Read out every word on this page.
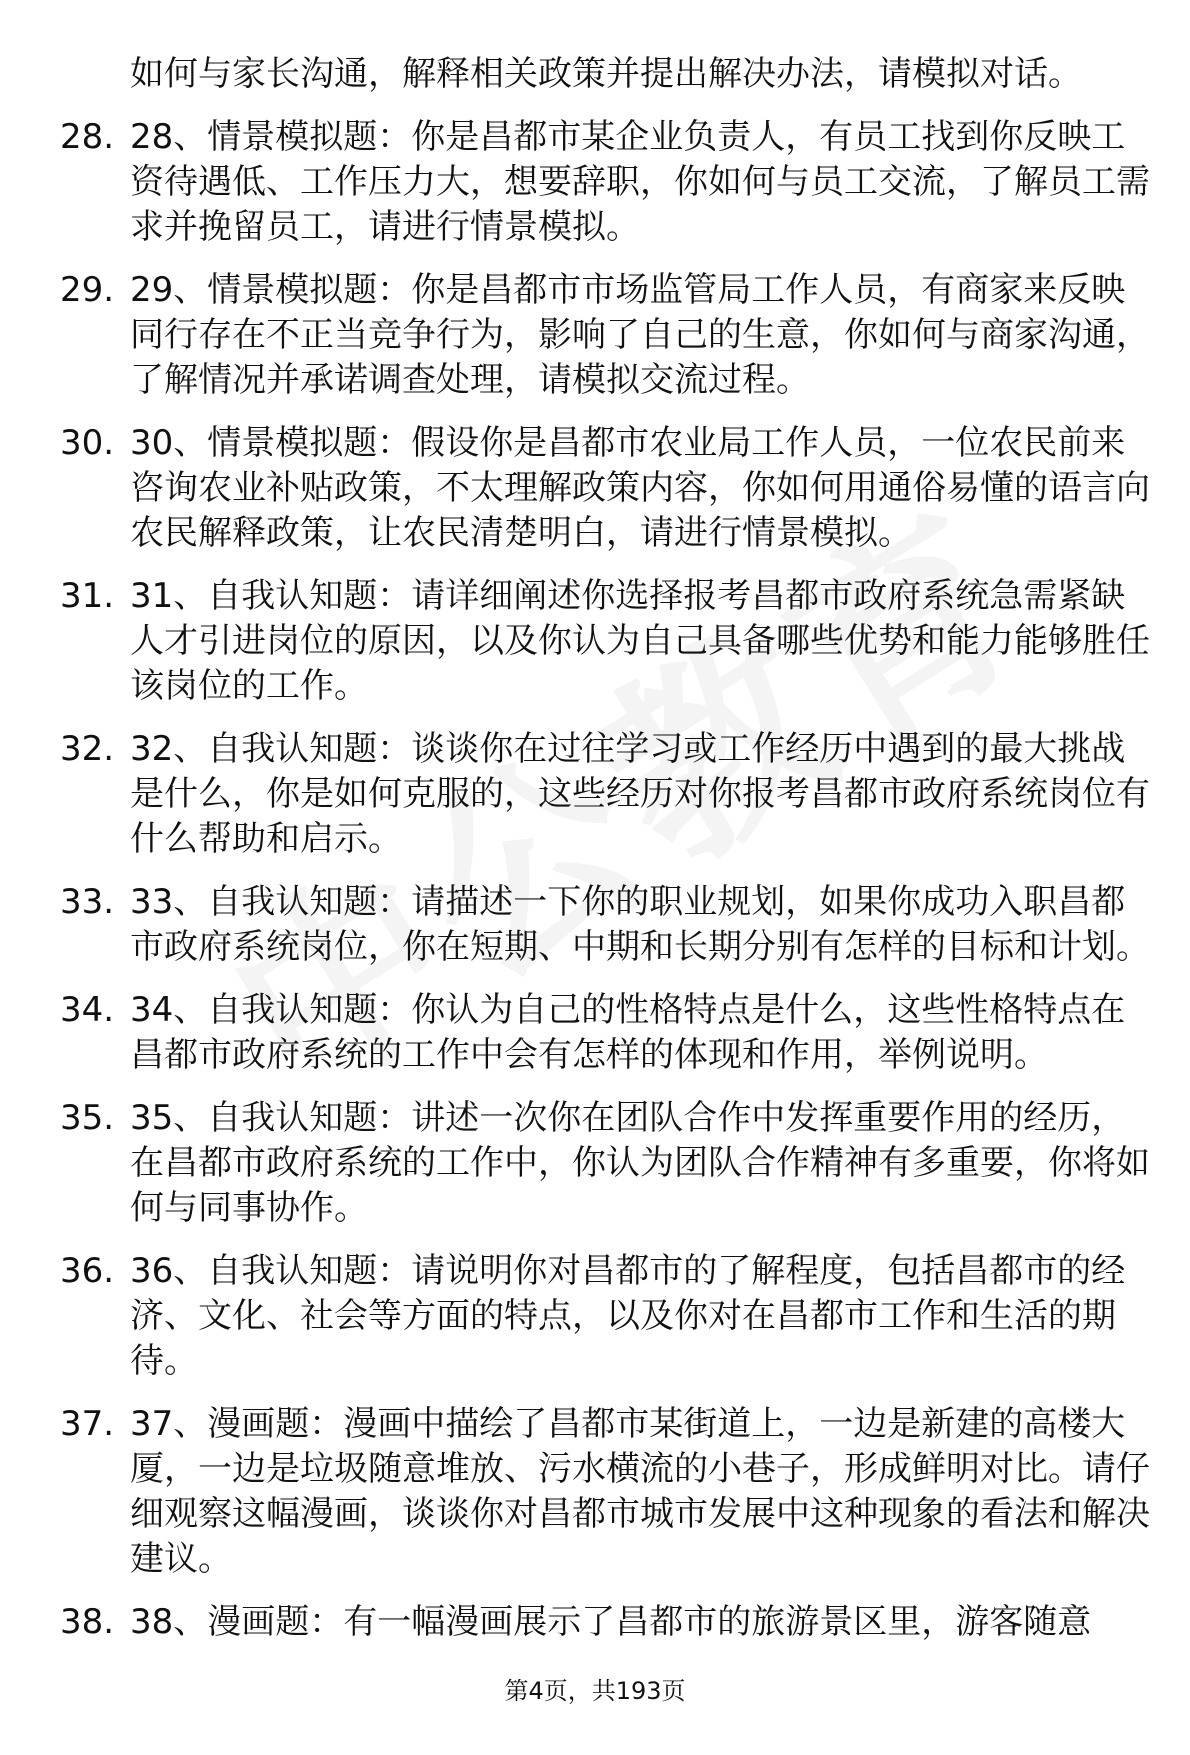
如何与家长沟通，解释相关政策并提出解决办法，请模拟对话。

28. 28、情景模拟题：你是昌都市某企业负责人，有员工找到你反映工资待遇低、工作压力大，想要辞职，你如何与员工交流，了解员工需求并挽留员工，请进行情景模拟。
29. 29、情景模拟题：你是昌都市市场监管局工作人员，有商家来反映同行存在不正当竞争行为，影响了自己的生意，你如何与商家沟通，了解情况并承诺调查处理，请模拟交流过程。
30. 30、情景模拟题：假设你是昌都市农业局工作人员，一位农民前来咨询农业补贴政策，不太理解政策内容，你如何用通俗易懂的语言向农民解释政策，让农民清楚明白，请进行情景模拟。
31. 31、自我认知题：请详细阐述你选择报考昌都市政府系统急需紧缺人才引进岗位的原因，以及你认为自己具备哪些优势和能力能够胜任该岗位的工作。
32. 32、自我认知题：谈谈你在过往学习或工作经历中遇到的最大挑战是什么，你是如何克服的，这些经历对你报考昌都市政府系统岗位有什么帮助和启示。
33. 33、自我认知题：请描述一下你的职业规划，如果你成功入职昌都市政府系统岗位，你在短期、中期和长期分别有怎样的目标和计划。
34. 34、自我认知题：你认为自己的性格特点是什么，这些性格特点在昌都市政府系统的工作中会有怎样的体现和作用，举例说明。
35. 35、自我认知题：讲述一次你在团队合作中发挥重要作用的经历，在昌都市政府系统的工作中，你认为团队合作精神有多重要，你将如何与同事协作。
36. 36、自我认知题：请说明你对昌都市的了解程度，包括昌都市的经济、文化、社会等方面的特点，以及你对在昌都市工作和生活的期待。
37. 37、漫画题：漫画中描绘了昌都市某街道上，一边是新建的高楼大厦，一边是垃圾随意堆放、污水横流的小巷子，形成鲜明对比。请仔细观察这幅漫画，谈谈你对昌都市城市发展中这种现象的看法和解决建议。
38. 38、漫画题：有一幅漫画展示了昌都市的旅游景区里，游客随意
第4页，共193页
